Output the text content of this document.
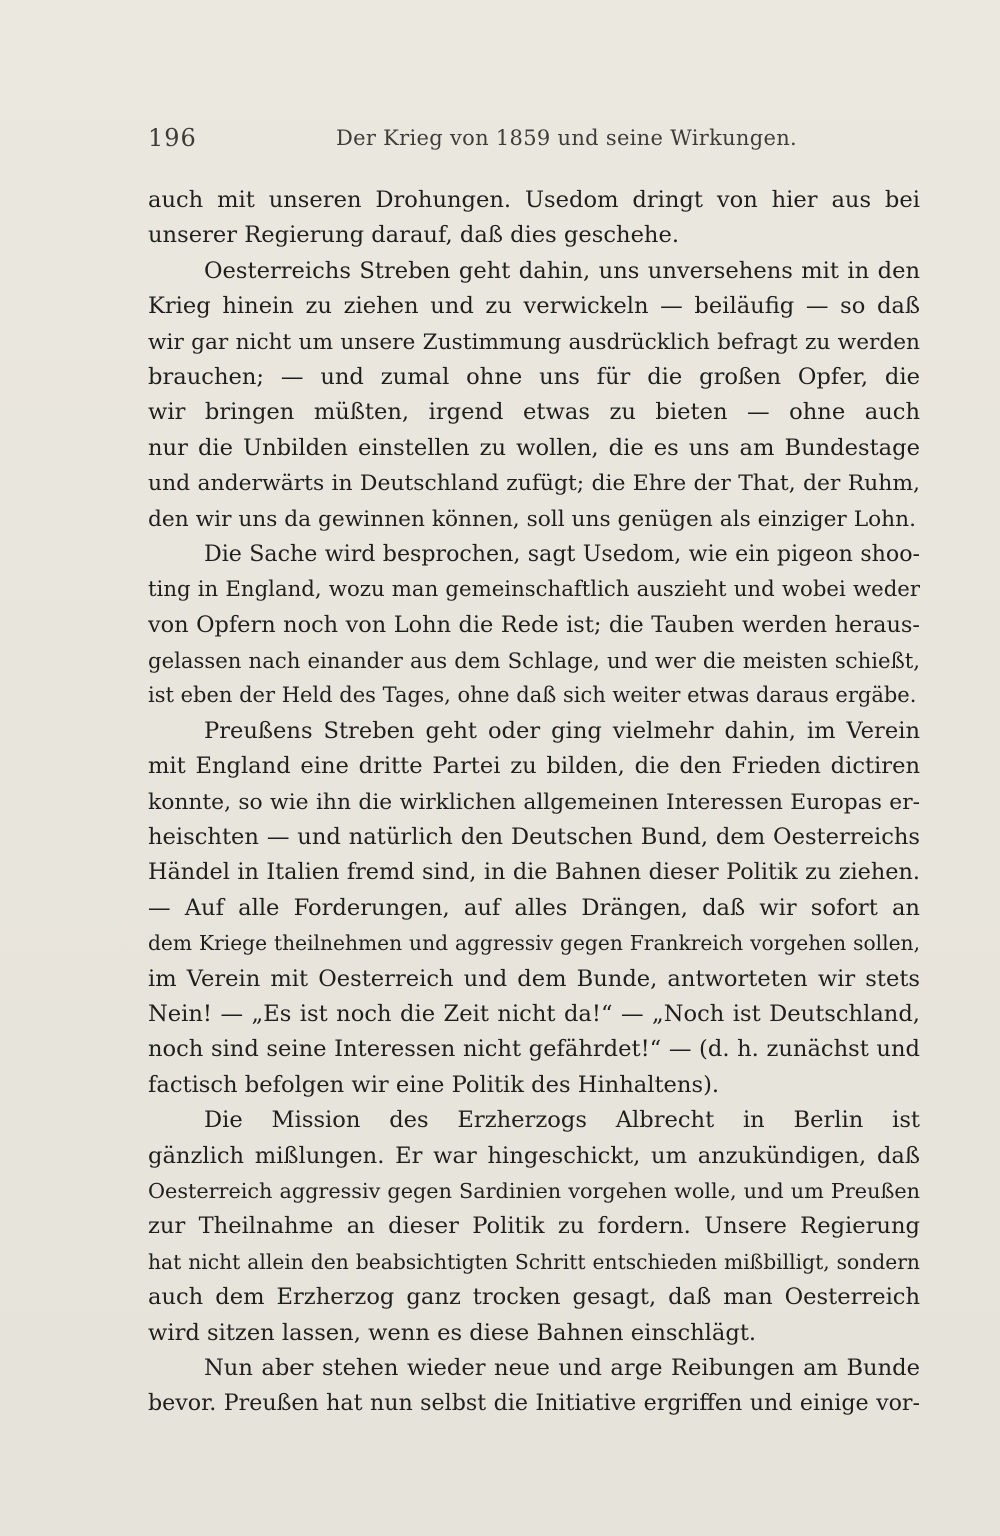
196	Der Krieg von 1859 und seine Wirkungen.
auch mit unseren Drohungen. Usedom dringt von hier aus bei
unserer Regierung darauf, daß dies geschehe.
Oesterreichs Streben geht dahin, uns unversehens mit in den
Krieg hinein zu ziehen und zu verwickeln — beiläufig — so daß
wir gar nicht um unsere Zustimmung ausdrücklich befragt zu werden
brauchen; — und zumal ohne uns für die großen Opfer, die
wir bringen müßten, irgend etwas zu bieten — ohne auch
nur die Unbilden einstellen zu wollen, die es uns am Bundestage
und anderwärts in Deutschland zufügt; die Ehre der That, der Ruhm,
den wir uns da gewinnen können, soll uns genügen als einziger Lohn.
Die Sache wird besprochen, sagt Usedom, wie ein pigeon shoo-
ting in England, wozu man gemeinschaftlich auszieht und wobei weder
von Opfern noch von Lohn die Rede ist; die Tauben werden heraus-
gelassen nach einander aus dem Schlage, und wer die meisten schießt,
ist eben der Held des Tages, ohne daß sich weiter etwas daraus ergäbe.
Preußens Streben geht oder ging vielmehr dahin, im Verein
mit England eine dritte Partei zu bilden, die den Frieden dictiren
konnte, so wie ihn die wirklichen allgemeinen Interessen Europas er-
heischten — und natürlich den Deutschen Bund, dem Oesterreichs
Händel in Italien fremd sind, in die Bahnen dieser Politik zu ziehen.
— Auf alle Forderungen, auf alles Drängen, daß wir sofort an
dem Kriege theilnehmen und aggressiv gegen Frankreich vorgehen sollen,
im Verein mit Oesterreich und dem Bunde, antworteten wir stets
Nein! — „Es ist noch die Zeit nicht da!“ — „Noch ist Deutschland,
noch sind seine Interessen nicht gefährdet!“ — (d. h. zunächst und
factisch befolgen wir eine Politik des Hinhaltens).
Die Mission des Erzherzogs Albrecht in Berlin ist
gänzlich mißlungen. Er war hingeschickt, um anzukündigen, daß
Oesterreich aggressiv gegen Sardinien vorgehen wolle, und um Preußen
zur Theilnahme an dieser Politik zu fordern. Unsere Regierung
hat nicht allein den beabsichtigten Schritt entschieden mißbilligt, sondern
auch dem Erzherzog ganz trocken gesagt, daß man Oesterreich
wird sitzen lassen, wenn es diese Bahnen einschlägt.
Nun aber stehen wieder neue und arge Reibungen am Bunde
bevor. Preußen hat nun selbst die Initiative ergriffen und einige vor-
